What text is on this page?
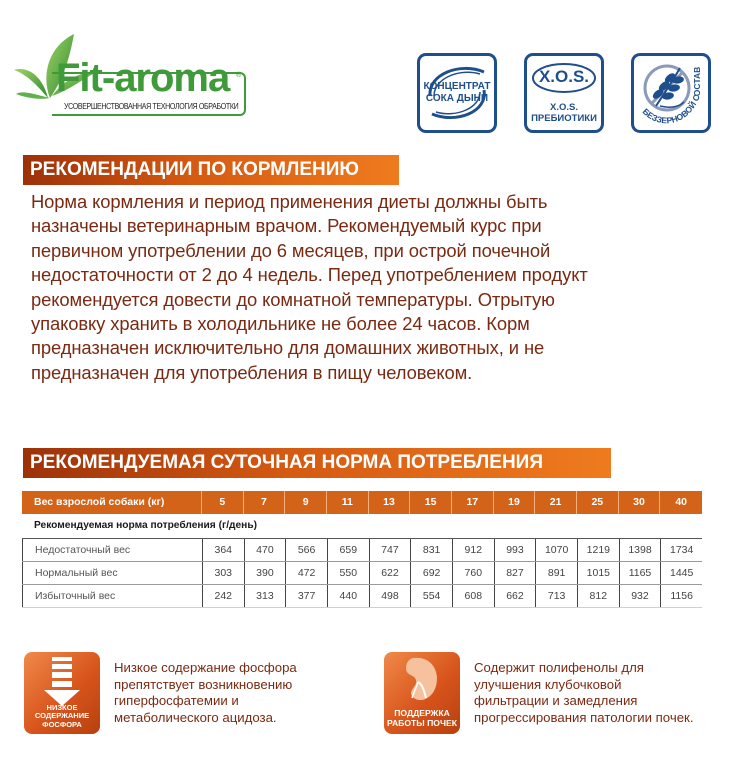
Fit-aroma ®
УСОВЕРШЕНСТВОВАННАЯ ТЕХНОЛОГИЯ ОБРАБОТКИ
КОНЦЕНТРАТ
СОКА ДЫНИ
X.O.S.
X.O.S.
ПРЕБИОТИКИ
БЕЗЗЕРНОВОЙ СОСТАВ
РЕКОМЕНДАЦИИ ПО КОРМЛЕНИЮ
Норма кормления и период применения диеты должны быть
назначены ветеринарным врачом. Рекомендуемый курс при
первичном употреблении до 6 месяцев, при острой почечной
недостаточности от 2 до 4 недель. Перед употреблением продукт
рекомендуется довести до комнатной температуры. Отрытую
упаковку хранить в холодильнике не более 24 часов. Корм
предназначен исключительно для домашних животных, и не
предназначен для употребления в пищу человеком.
РЕКОМЕНДУЕМАЯ СУТОЧНАЯ НОРМА ПОТРЕБЛЕНИЯ
Вес взрослой собаки (кг)	5	7	9	11	13	15	17	19	21	25	30	40
Рекомендуемая норма потребления (г/день)
Недостаточный вес	364	470	566	659	747	831	912	993	1070	1219	1398	1734
Нормальный вес	303	390	472	550	622	692	760	827	891	1015	1165	1445
Избыточный вес	242	313	377	440	498	554	608	662	713	812	932	1156
НИЗКОЕ
СОДЕРЖАНИЕ
ФОСФОРА
Низкое содержание фосфора
препятствует возникновению
гиперфосфатемии и
метаболического ацидоза.	ПОДДЕРЖКА
РАБОТЫ ПОЧЕК
Содержит полифенолы для
улучшения клубочковой
фильтрации и замедления
прогрессирования патологии почек.
